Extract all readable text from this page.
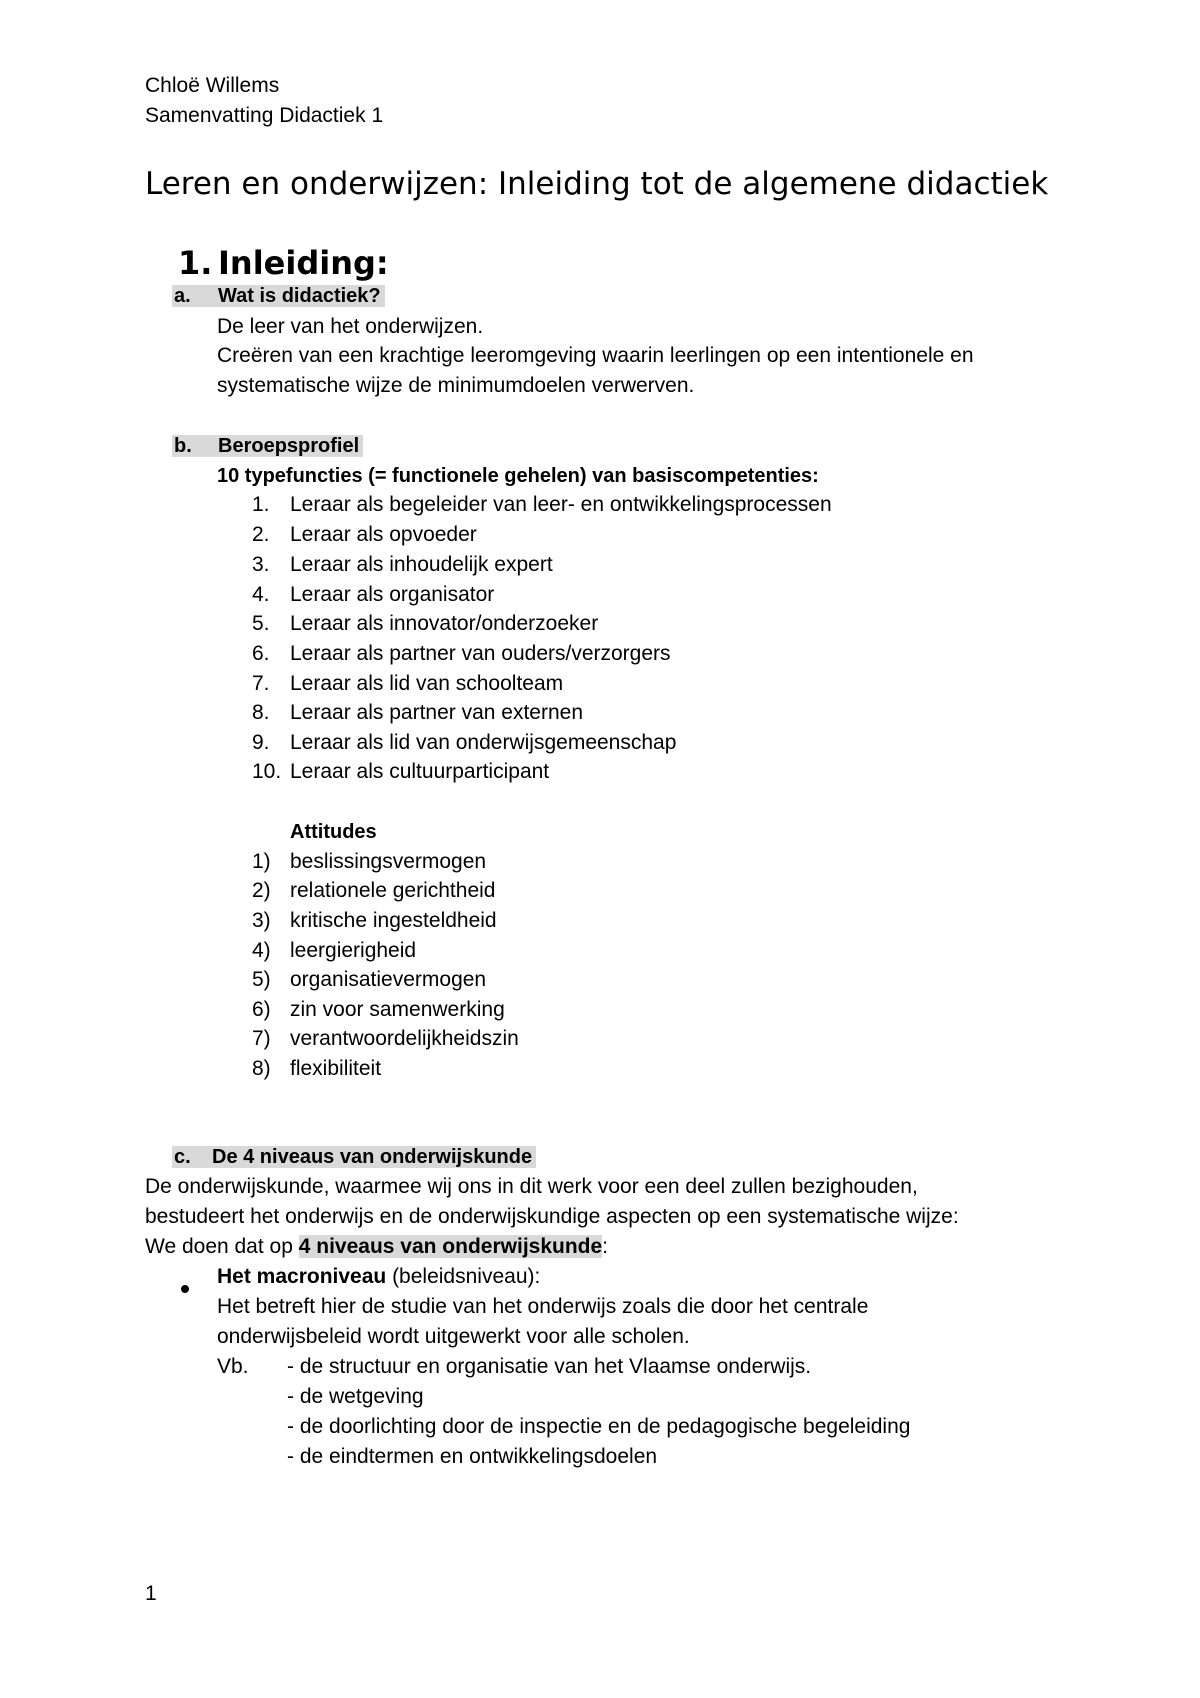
Chloë Willems
Samenvatting Didactiek 1
Leren en onderwijzen: Inleiding tot de algemene didactiek
1. Inleiding:
a. Wat is didactiek?
De leer van het onderwijzen.
Creëren van een krachtige leeromgeving waarin leerlingen op een intentionele en
systematische wijze de minimumdoelen verwerven.
b. Beroepsprofiel
10 typefuncties (= functionele gehelen) van basiscompetenties:
1. Leraar als begeleider van leer- en ontwikkelingsprocessen
2. Leraar als opvoeder
3. Leraar als inhoudelijk expert
4. Leraar als organisator
5. Leraar als innovator/onderzoeker
6. Leraar als partner van ouders/verzorgers
7. Leraar als lid van schoolteam
8. Leraar als partner van externen
9. Leraar als lid van onderwijsgemeenschap
10. Leraar als cultuurparticipant
Attitudes
1) beslissingsvermogen
2) relationele gerichtheid
3) kritische ingesteldheid
4) leergierigheid
5) organisatievermogen
6) zin voor samenwerking
7) verantwoordelijkheidszin
8) flexibiliteit
c. De 4 niveaus van onderwijskunde
De onderwijskunde, waarmee wij ons in dit werk voor een deel zullen bezighouden,
bestudeert het onderwijs en de onderwijskundige aspecten op een systematische wijze:
We doen dat op 4 niveaus van onderwijskunde:
Het macroniveau (beleidsniveau):
Het betreft hier de studie van het onderwijs zoals die door het centrale
onderwijsbeleid wordt uitgewerkt voor alle scholen.
Vb. - de structuur en organisatie van het Vlaamse onderwijs.
- de wetgeving
- de doorlichting door de inspectie en de pedagogische begeleiding
- de eindtermen en ontwikkelingsdoelen
1
